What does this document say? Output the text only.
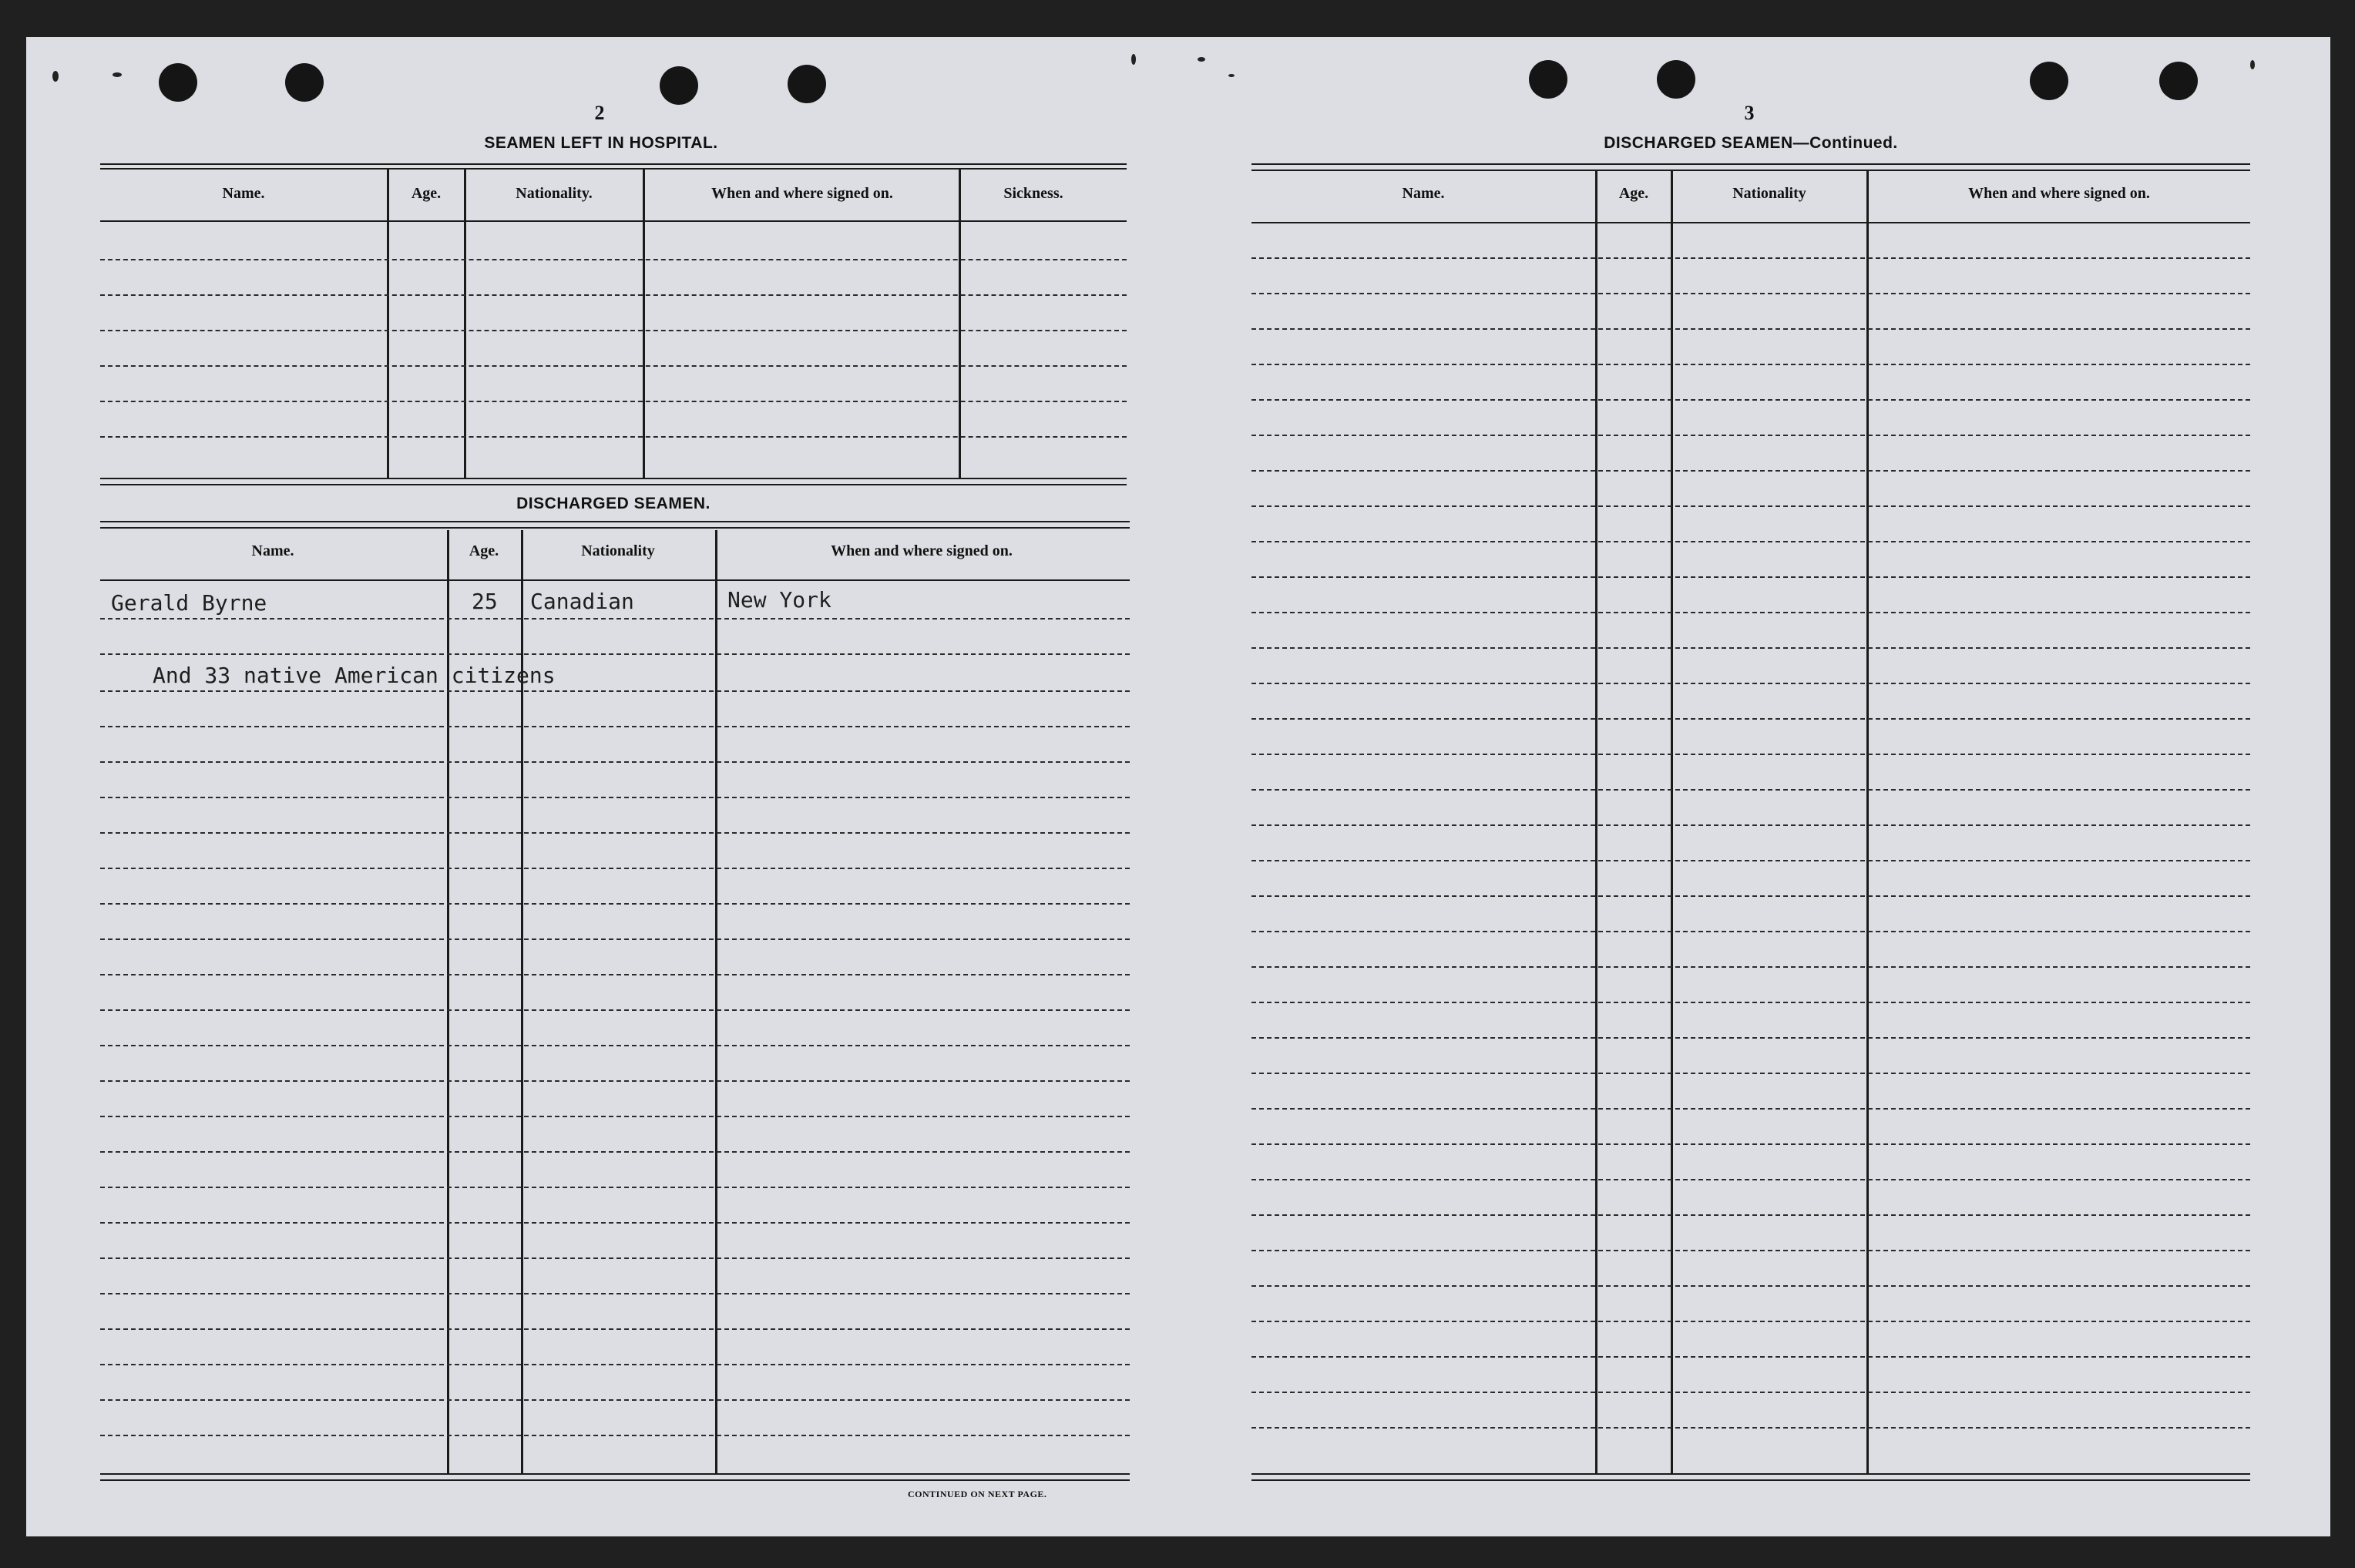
2
SEAMEN LEFT IN HOSPITAL.
Name.	Age.	Nationality.	When and where signed on.	Sickness.
DISCHARGED SEAMEN.
Name.	Age.	Nationality	When and where signed on.
Gerald Byrne	25 Canadian	New York
And 33 native American citizens
CONTINUED ON NEXT PAGE.
3
DISCHARGED SEAMEN—Continued.
Name.	Age.	Nationality	When and where signed on.
